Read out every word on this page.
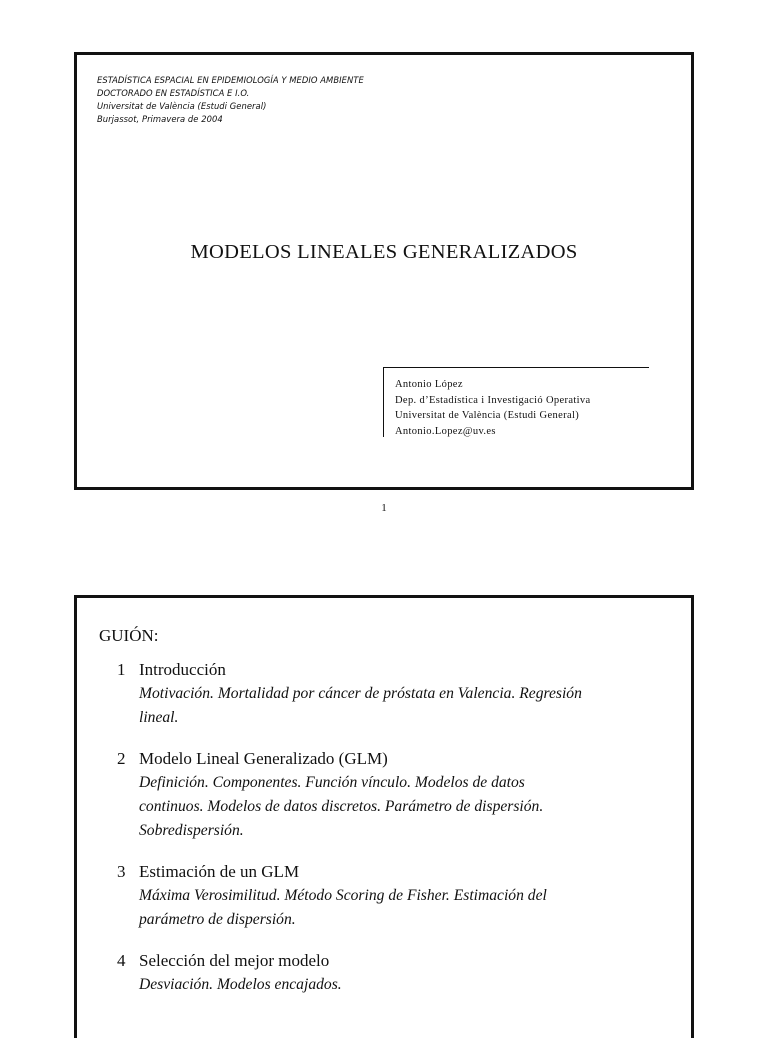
ESTADÍSTICA ESPACIAL EN EPIDEMIOLOGÍA Y MEDIO AMBIENTE
DOCTORADO EN ESTADÍSTICA E I.O.
Universitat de València (Estudi General)
Burjassot, Primavera de 2004
MODELOS LINEALES GENERALIZADOS
Antonio López
Dep. d’Estadística i Investigació Operativa
Universitat de València (Estudi General)
Antonio.Lopez@uv.es
1
GUIÓN:
1 Introducción
Motivación. Mortalidad por cáncer de próstata en Valencia. Regresión
lineal.
2 Modelo Lineal Generalizado (GLM)
Definición. Componentes. Función vínculo. Modelos de datos
continuos. Modelos de datos discretos. Parámetro de dispersión.
Sobredispersión.
3 Estimación de un GLM
Máxima Verosimilitud. Método Scoring de Fisher. Estimación del
parámetro de dispersión.
4 Selección del mejor modelo
Desviación. Modelos encajados.
